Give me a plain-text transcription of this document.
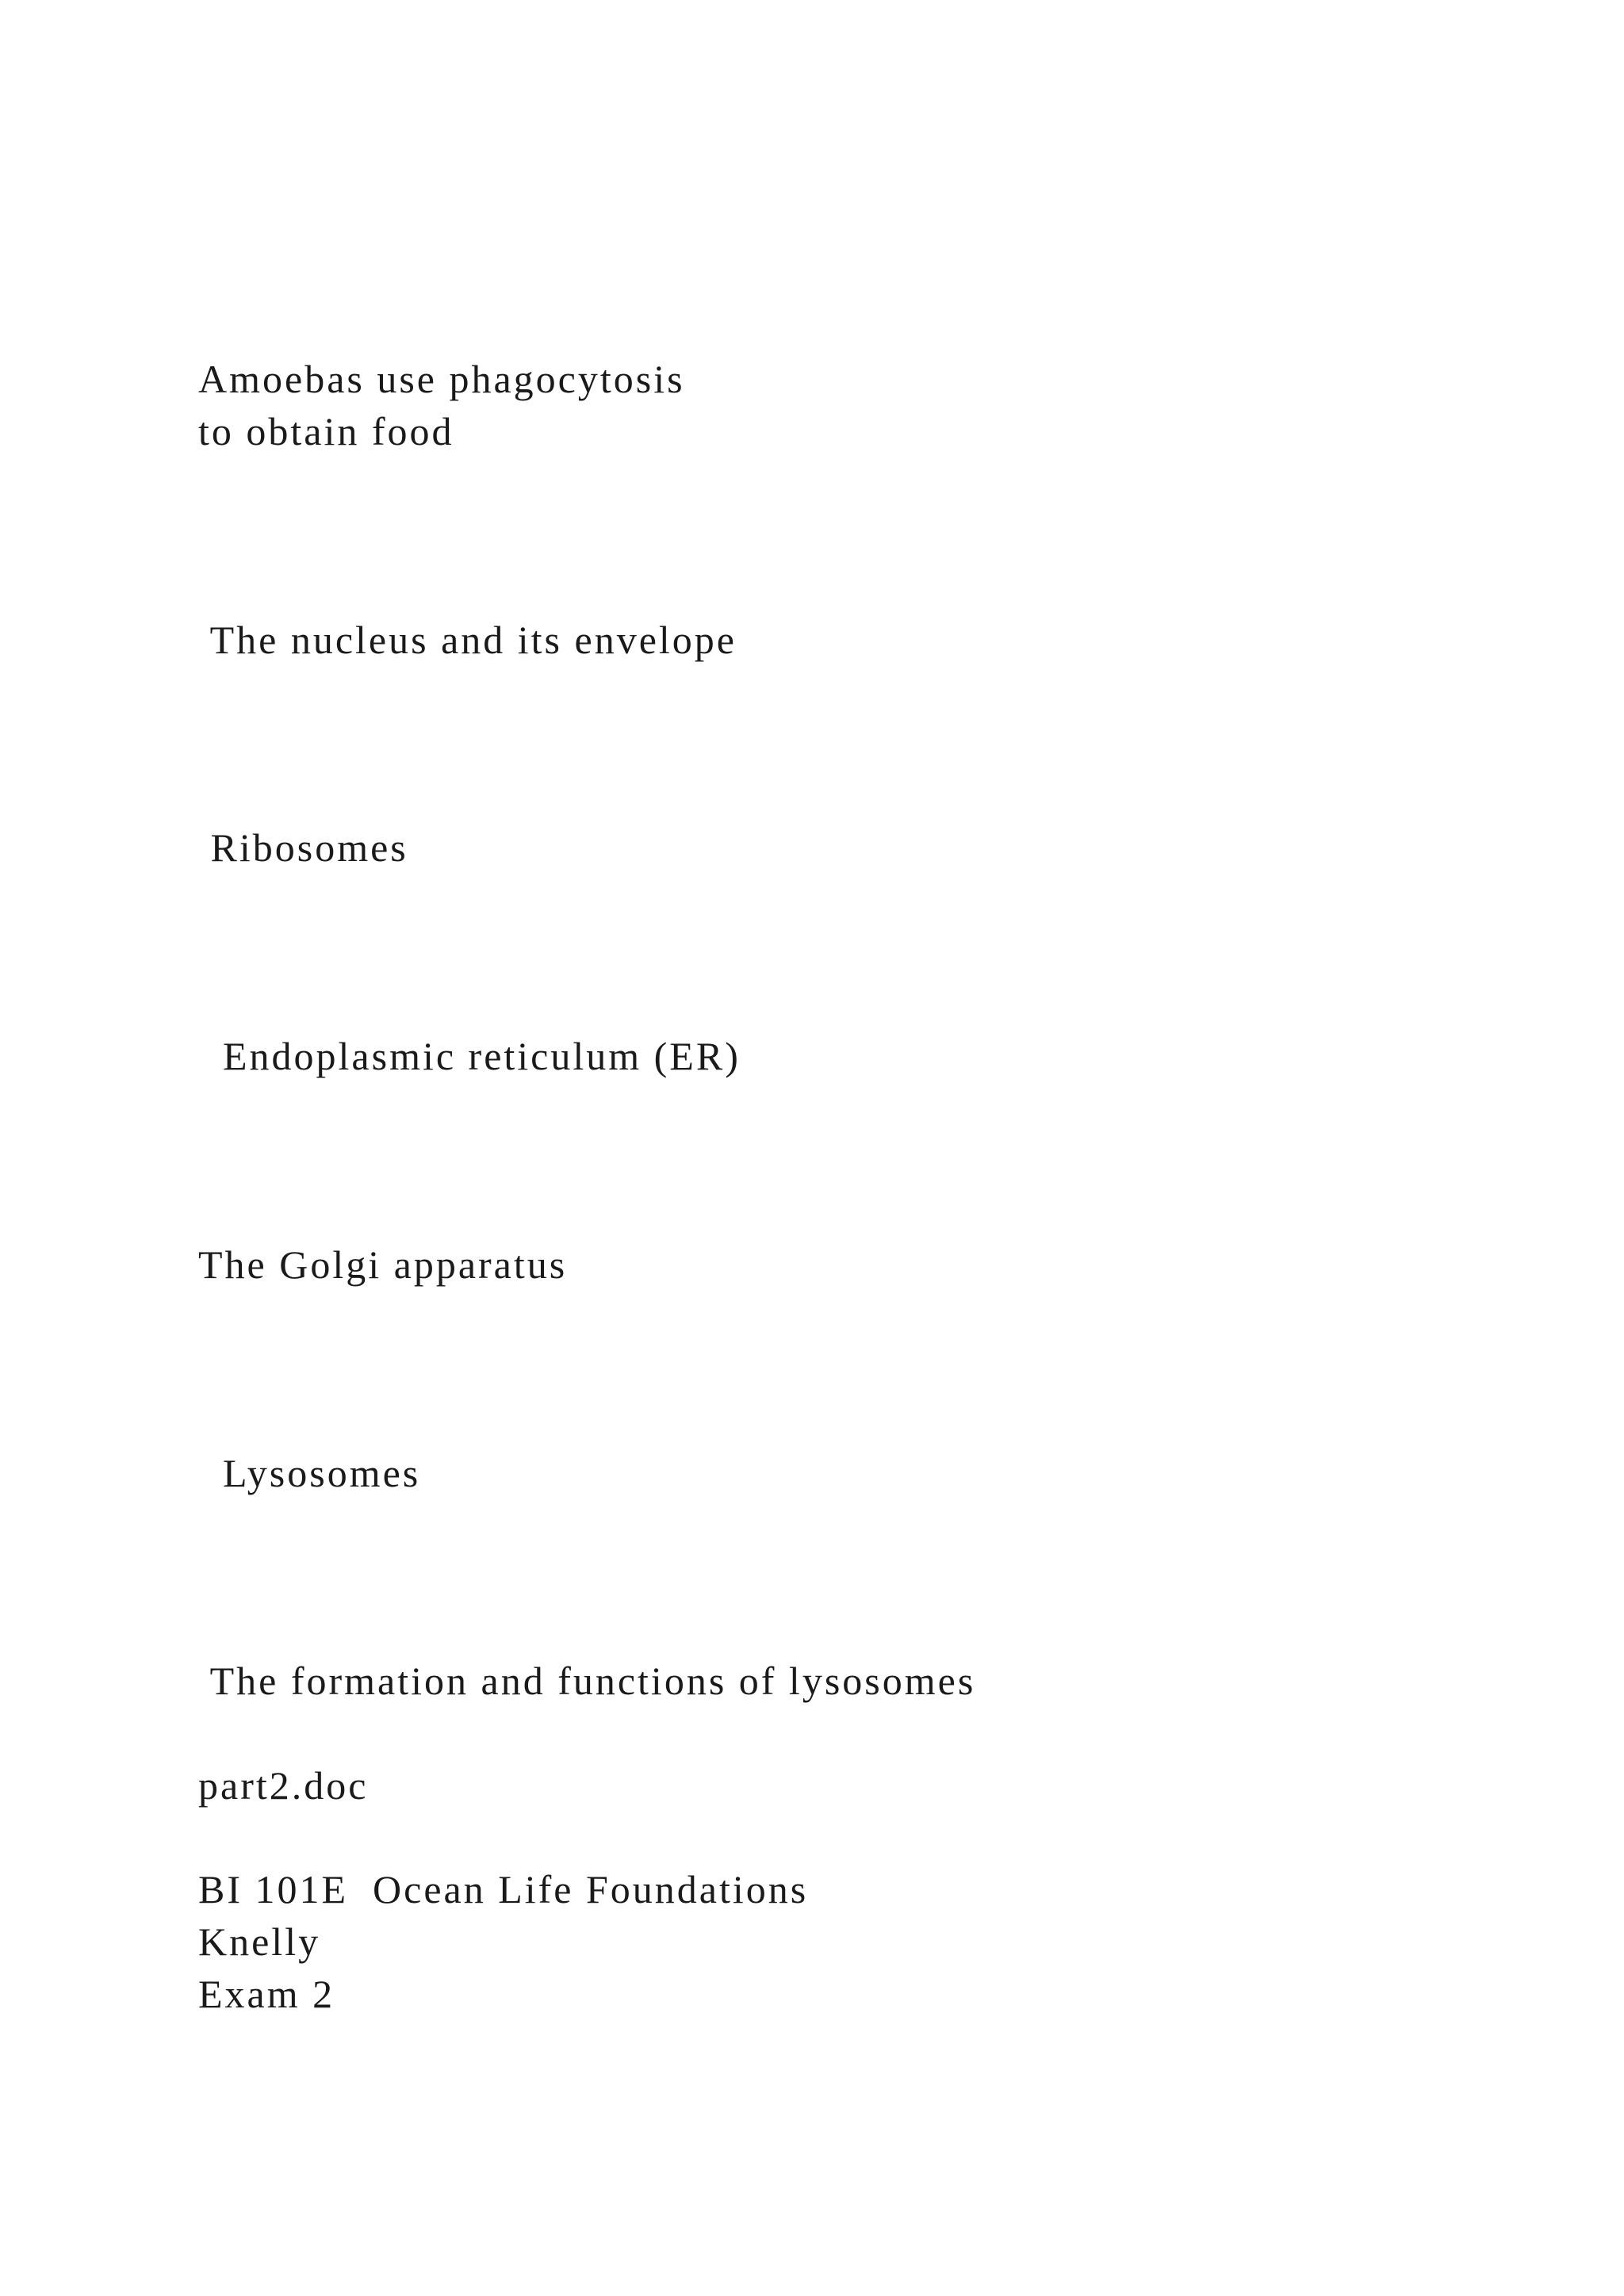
Amoebas use phagocytosis

to obtain food

The nucleus and its envelope

Ribosomes

Endoplasmic reticulum (ER)

The Golgi apparatus

Lysosomes

The formation and functions of lysosomes

part2.doc

BI 101E  Ocean Life Foundations

Knelly

Exam 2
